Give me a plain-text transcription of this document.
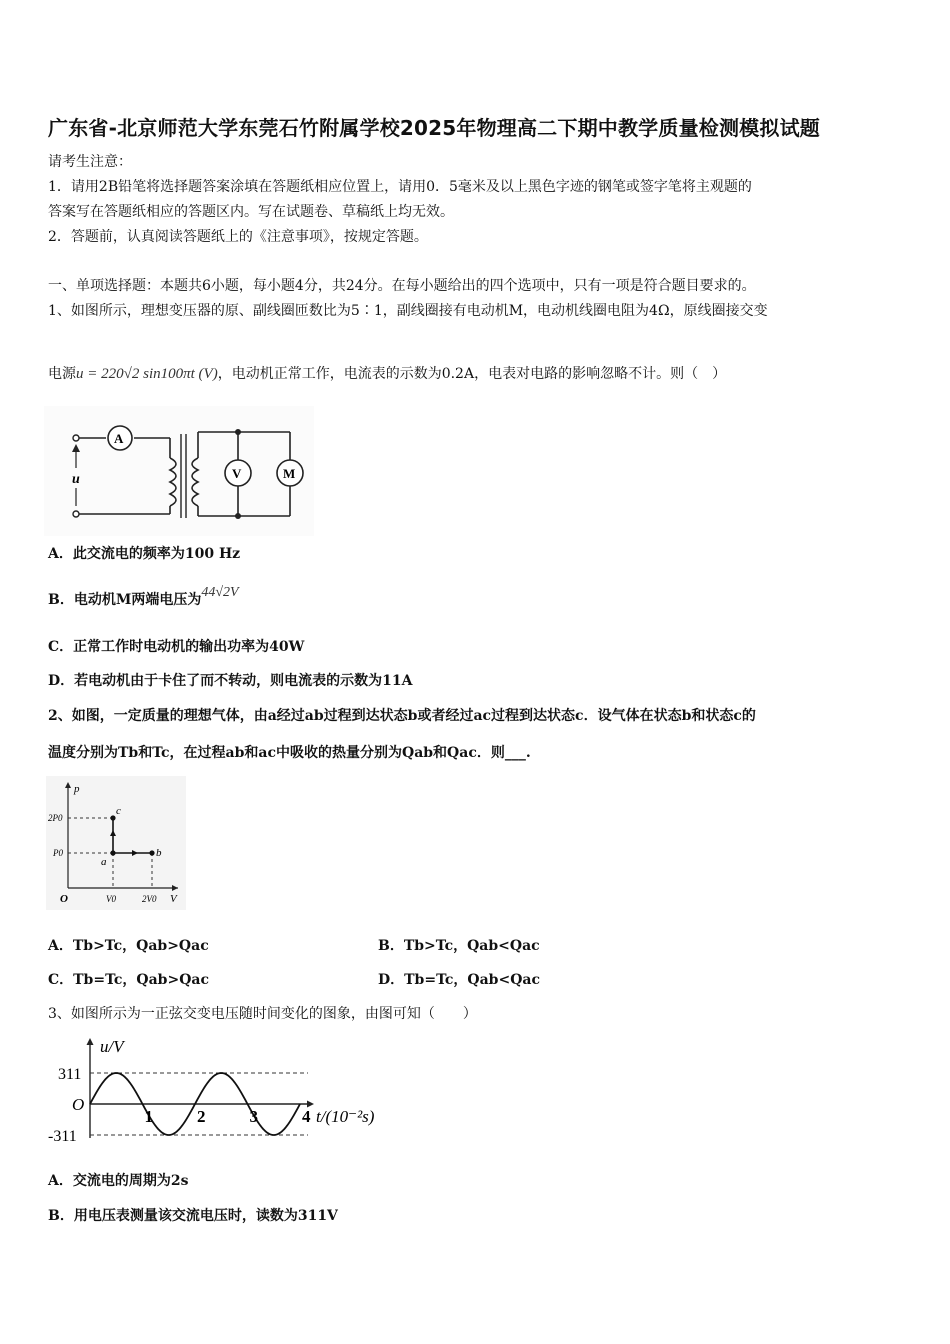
广东省-北京师范大学东莞石竹附属学校2025年物理高二下期中教学质量检测模拟试题
请考生注意：
1．请用2B铅笔将选择题答案涂填在答题纸相应位置上，请用0．5毫米及以上黑色字迹的钢笔或签字笔将主观题的
答案写在答题纸相应的答题区内。写在试题卷、草稿纸上均无效。
2．答题前，认真阅读答题纸上的《注意事项》，按规定答题。
一、单项选择题：本题共6小题，每小题4分，共24分。在每小题给出的四个选项中，只有一项是符合题目要求的。
1、如图所示，理想变压器的原、副线圈匝数比为5∶1，副线圈接有电动机M，电动机线圈电阻为4Ω，原线圈接交变
电源u = 220√2 sin100πt (V)，电动机正常工作，电流表的示数为0.2A，电表对电路的影响忽略不计。则（　）
u
A
V	M
A．此交流电的频率为100 Hz
B．电动机M两端电压为44√2V
C．正常工作时电动机的输出功率为40W
D．若电动机由于卡住了而不转动，则电流表的示数为11A
2、如图，一定质量的理想气体，由a经过ab过程到达状态b或者经过ac过程到达状态c．设气体在状态b和状态c的
温度分别为Tb和Tc，在过程ab和ac中吸收的热量分别为Qab和Qac．则___.
p
V
O
2P0
P0
V0	2V0
a
b
c
A．Tb>Tc，Qab>Qac	B．Tb>Tc，Qab<Qac
C．Tb=Tc，Qab>Qac	D．Tb=Tc，Qab<Qac
3、如图所示为一正弦交变电压随时间变化的图象，由图可知（　　）
u/V
t/(10⁻²s)
O
311
-311
1	2	3	4
A．交流电的周期为2s
B．用电压表测量该交流电压时，读数为311V
